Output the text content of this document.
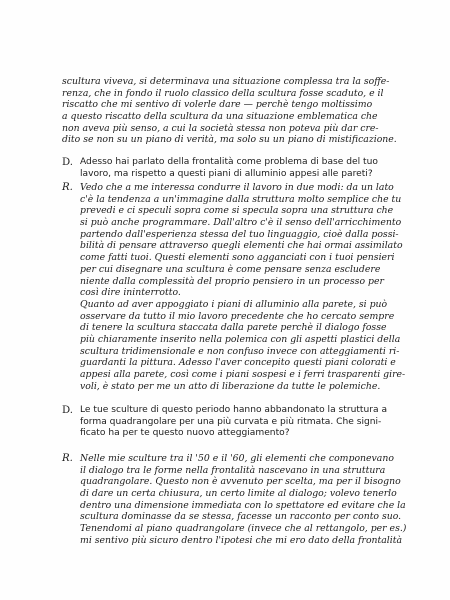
scultura viveva, si determinava una situazione complessa tra la soffe-
renza, che in fondo il ruolo classico della scultura fosse scaduto, e il
riscatto che mi sentivo di volerle dare — perchè tengo moltissimo
a questo riscatto della scultura da una situazione emblematica che
non aveva più senso, a cui la società stessa non poteva più dar cre-
dito se non su un piano di verità, ma solo su un piano di mistificazione.
D. Adesso hai parlato della frontalità come problema di base del tuo
lavoro, ma rispetto a questi piani di alluminio appesi alle pareti?
R. Vedo che a me interessa condurre il lavoro in due modi: da un lato
c'è la tendenza a un'immagine dalla struttura molto semplice che tu
prevedi e ci speculi sopra come si specula sopra una struttura che
si può anche programmare. Dall'altro c'è il senso dell'arricchimento
partendo dall'esperienza stessa del tuo linguaggio, cioè dalla possi-
bilità di pensare attraverso quegli elementi che hai ormai assimilato
come fatti tuoi. Questi elementi sono agganciati con i tuoi pensieri
per cui disegnare una scultura è come pensare senza escludere
niente dalla complessità del proprio pensiero in un processo per
così dire ininterrotto.
Quanto ad aver appoggiato i piani di alluminio alla parete, si può
osservare da tutto il mio lavoro precedente che ho cercato sempre
di tenere la scultura staccata dalla parete perchè il dialogo fosse
più chiaramente inserito nella polemica con gli aspetti plastici della
scultura tridimensionale e non confuso invece con atteggiamenti ri-
guardanti la pittura. Adesso l'aver concepito questi piani colorati e
appesi alla parete, così come i piani sospesi e i ferri trasparenti gire-
voli, è stato per me un atto di liberazione da tutte le polemiche.
D. Le tue sculture di questo periodo hanno abbandonato la struttura a
forma quadrangolare per una più curvata e più ritmata. Che signi-
ficato ha per te questo nuovo atteggiamento?
R. Nelle mie sculture tra il '50 e il '60, gli elementi che componevano
il dialogo tra le forme nella frontalità nascevano in una struttura
quadrangolare. Questo non è avvenuto per scelta, ma per il bisogno
di dare un certa chiusura, un certo limite al dialogo; volevo tenerlo
dentro una dimensione immediata con lo spettatore ed evitare che la
scultura dominasse da se stessa, facesse un racconto per conto suo.
Tenendomi al piano quadrangolare (invece che al rettangolo, per es.)
mi sentivo più sicuro dentro l'ipotesi che mi ero dato della frontalità
